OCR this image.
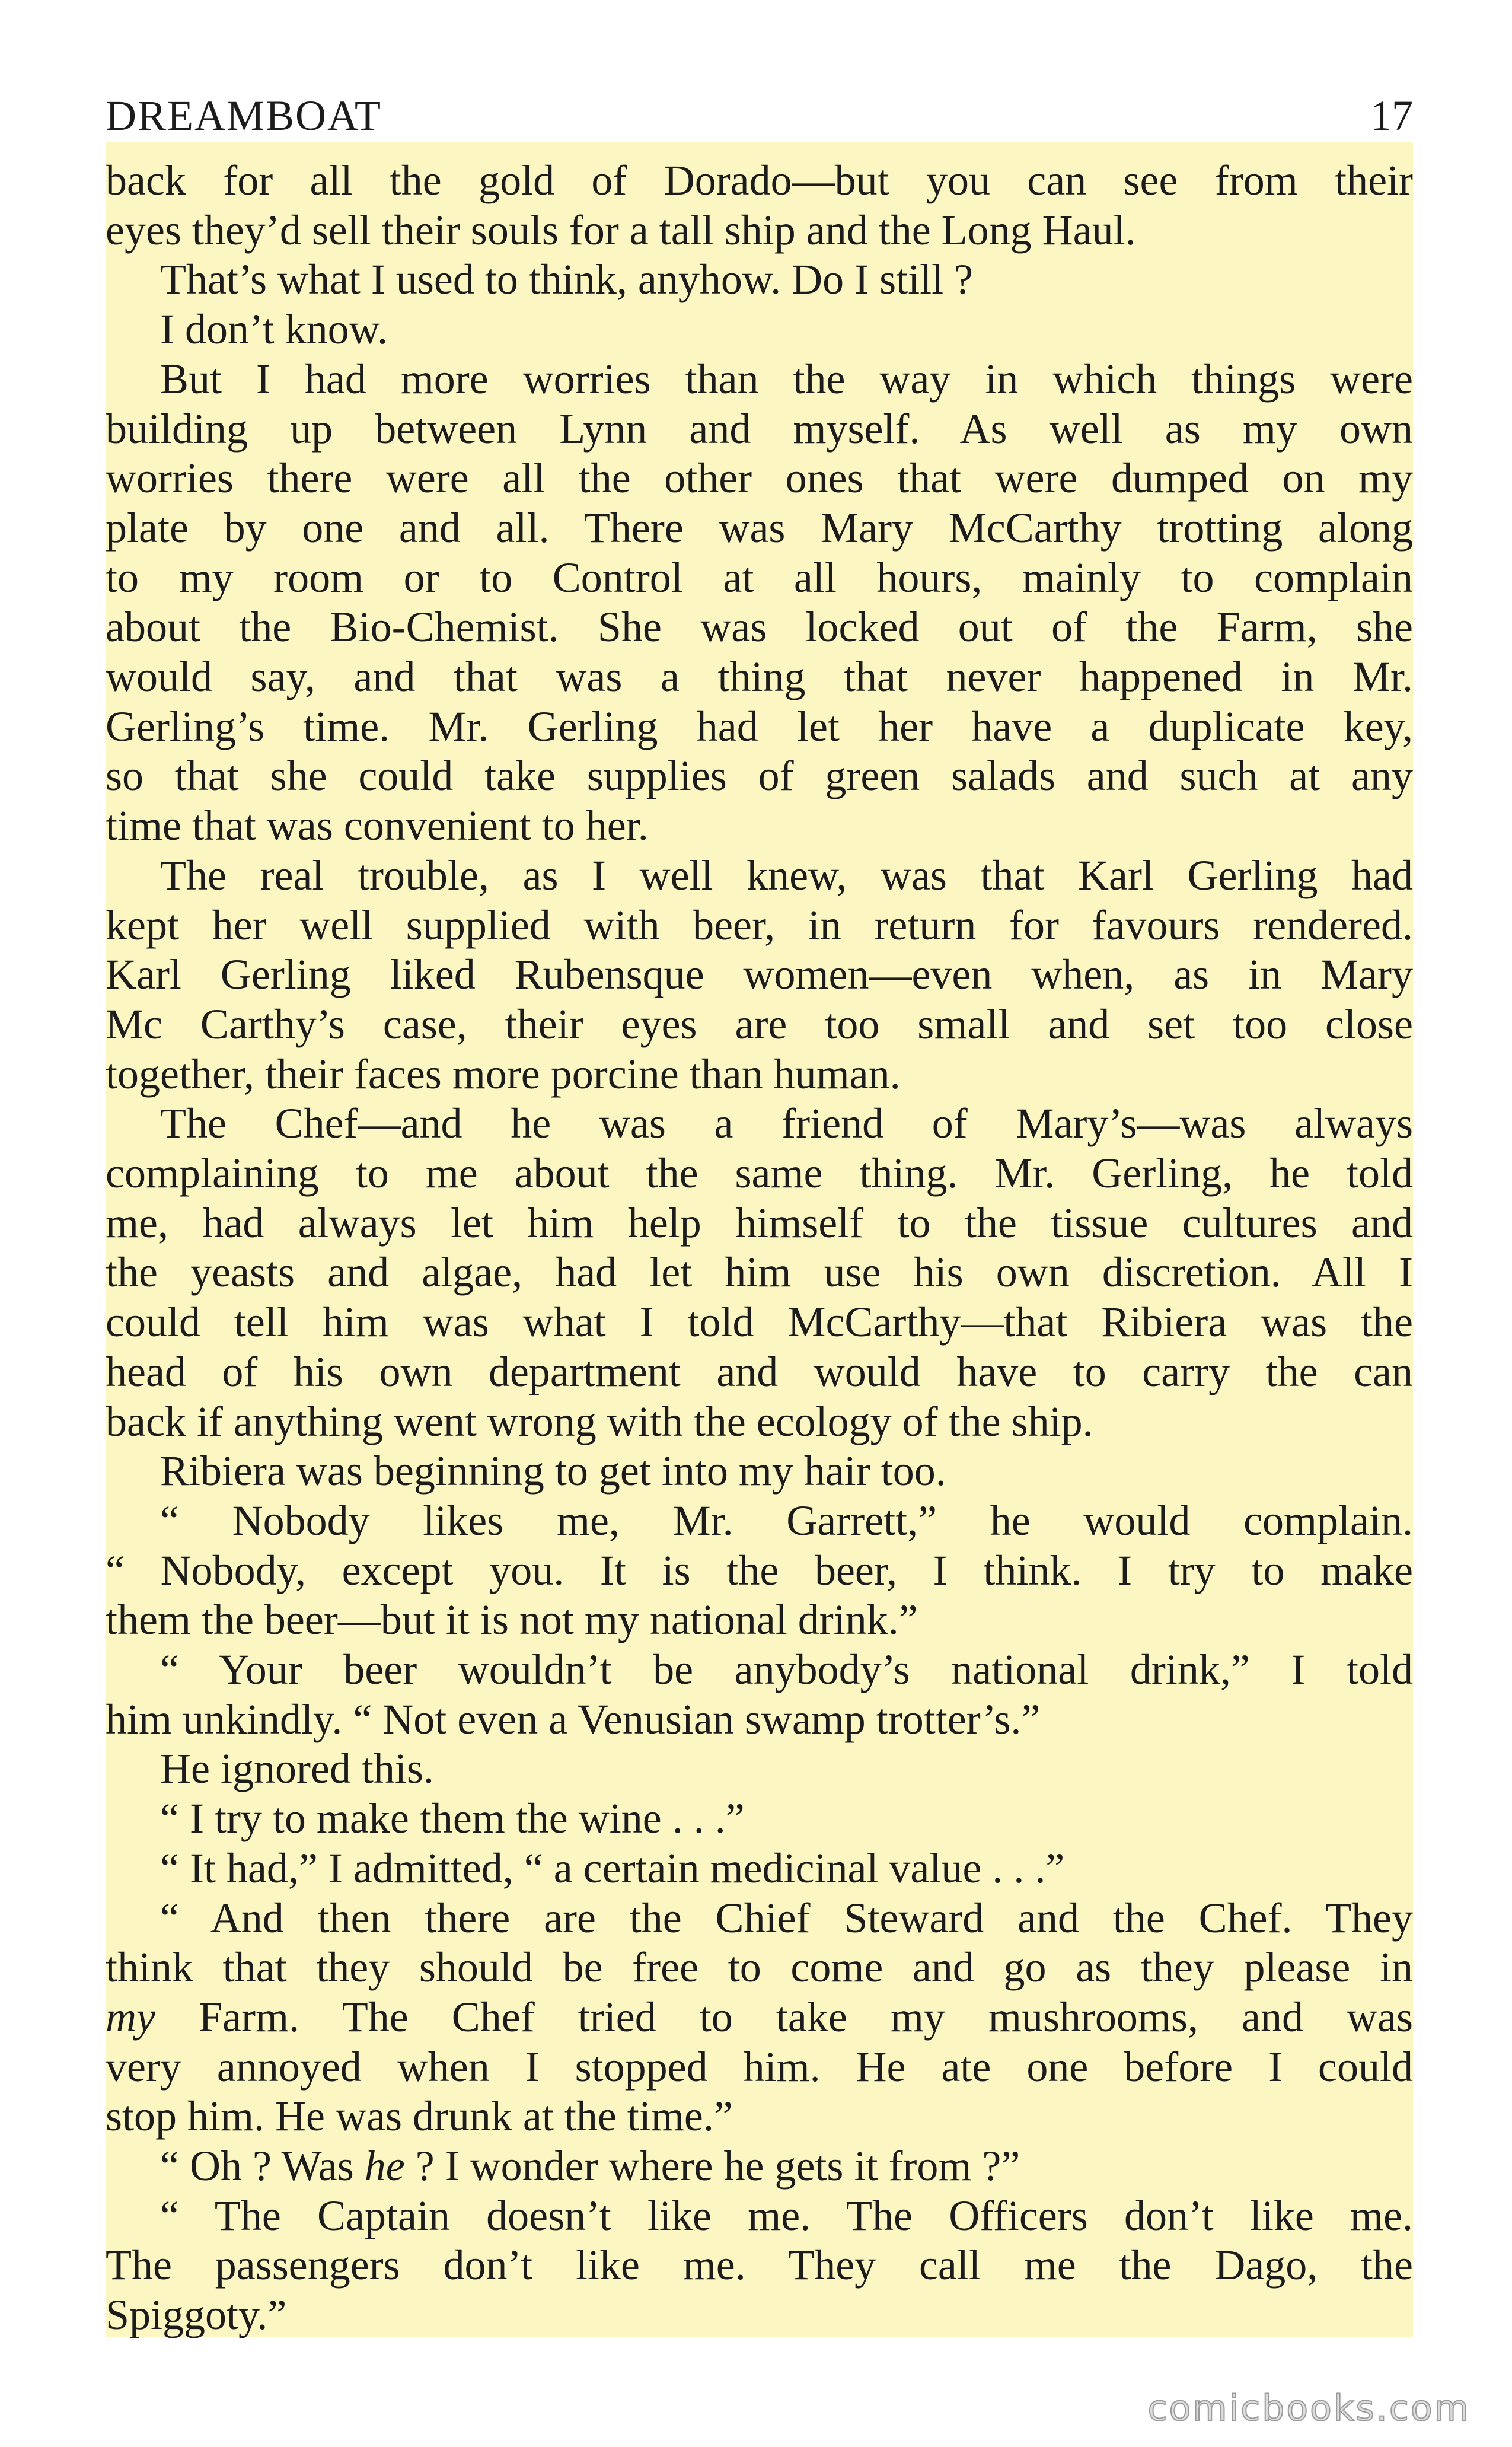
DREAMBOAT	17
back for all the gold of Dorado—but you can see from their
eyes they’d sell their souls for a tall ship and the Long Haul.
That’s what I used to think, anyhow. Do I still ?
I don’t know.
But I had more worries than the way in which things were
building up between Lynn and myself. As well as my own
worries there were all the other ones that were dumped on my
plate by one and all. There was Mary McCarthy trotting along
to my room or to Control at all hours, mainly to complain
about the Bio-Chemist. She was locked out of the Farm, she
would say, and that was a thing that never happened in Mr.
Gerling’s time. Mr. Gerling had let her have a duplicate key,
so that she could take supplies of green salads and such at any
time that was convenient to her.
The real trouble, as I well knew, was that Karl Gerling had
kept her well supplied with beer, in return for favours rendered.
Karl Gerling liked Rubensque women—even when, as in Mary
Mc Carthy’s case, their eyes are too small and set too close
together, their faces more porcine than human.
The Chef—and he was a friend of Mary’s—was always
complaining to me about the same thing. Mr. Gerling, he told
me, had always let him help himself to the tissue cultures and
the yeasts and algae, had let him use his own discretion. All I
could tell him was what I told McCarthy—that Ribiera was the
head of his own department and would have to carry the can
back if anything went wrong with the ecology of the ship.
Ribiera was beginning to get into my hair too.
“ Nobody likes me, Mr. Garrett,” he would complain.
“ Nobody, except you. It is the beer, I think. I try to make
them the beer—but it is not my national drink.”
“ Your beer wouldn’t be anybody’s national drink,” I told
him unkindly. “ Not even a Venusian swamp trotter’s.”
He ignored this.
“ I try to make them the wine . . .”
“ It had,” I admitted, “ a certain medicinal value . . .”
“ And then there are the Chief Steward and the Chef. They
think that they should be free to come and go as they please in
my Farm. The Chef tried to take my mushrooms, and was
very annoyed when I stopped him. He ate one before I could
stop him. He was drunk at the time.”
“ Oh ? Was he ? I wonder where he gets it from ?”
“ The Captain doesn’t like me. The Officers don’t like me.
The passengers don’t like me. They call me the Dago, the
Spiggoty.”
comicbooks.com
